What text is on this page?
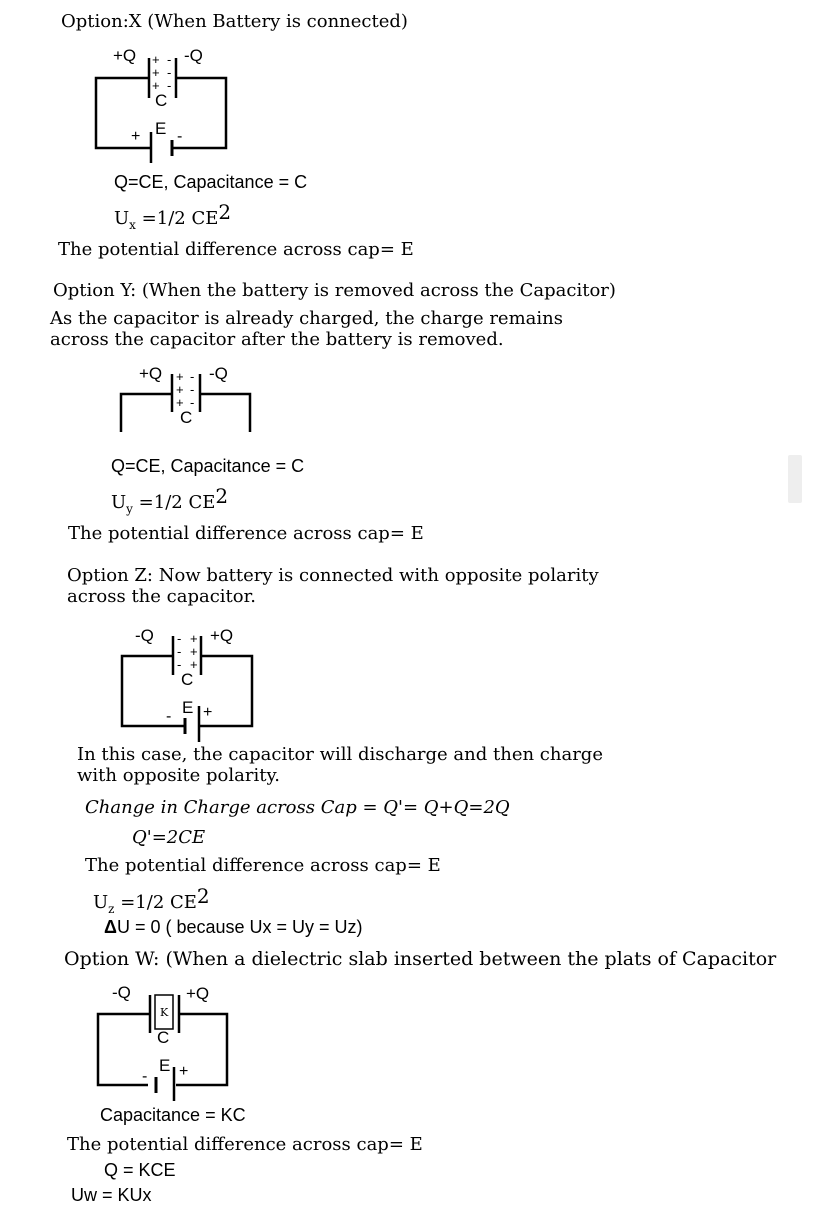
Option:X (When Battery is connected)
+Q	-Q
+
+
+
-
-
-
C
E
+ -
Q=CE, Capacitance = C
$U_x =1/2$ CE2
The potential difference across cap= E
Option Y: (When the battery is removed across the Capacitor)
As the capacitor is already charged, the charge remains
across the capacitor after the battery is removed.
+Q	-Q
+
+
+
-
-
-
C
Q=CE, Capacitance = C
$U_y =1/2$ CE2
The potential difference across cap= E
Option Z: Now battery is connected with opposite polarity
across the capacitor.
-Q	+Q
-
-
-
+
+
+
C
E
- +
In this case, the capacitor will discharge and then charge
with opposite polarity.
Change in Charge across Cap = Q'= Q+Q=2Q
Q'=2CE
The potential difference across cap= E
$U_z =1/2$ CE2
ΔU = 0 ( because Ux = Uy = Uz)
Option W: (When a dielectric slab inserted between the plats of Capacitor
-Q	+Q
K
C
E
- +
Capacitance = KC
The potential difference across cap= E
Q = KCE
Uw = KUx
